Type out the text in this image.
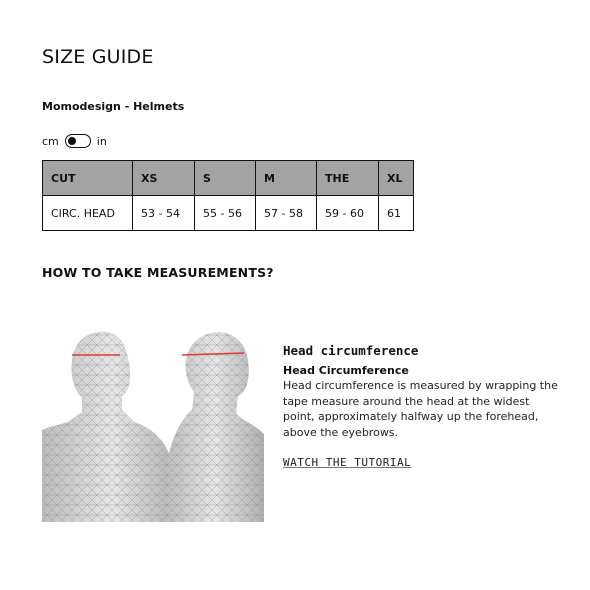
SIZE GUIDE
Momodesign - Helmets
cm	in
CUT	XS	S	M	THE	XL
CIRC. HEAD	53 - 54	55 - 56	57 - 58	59 - 60	61
HOW TO TAKE MEASUREMENTS?
Head circumference
Head Circumference
Head circumference is measured by wrapping the tape measure around the head at the widest point, approximately halfway up the forehead, above the eyebrows.
WATCH THE TUTORIAL
